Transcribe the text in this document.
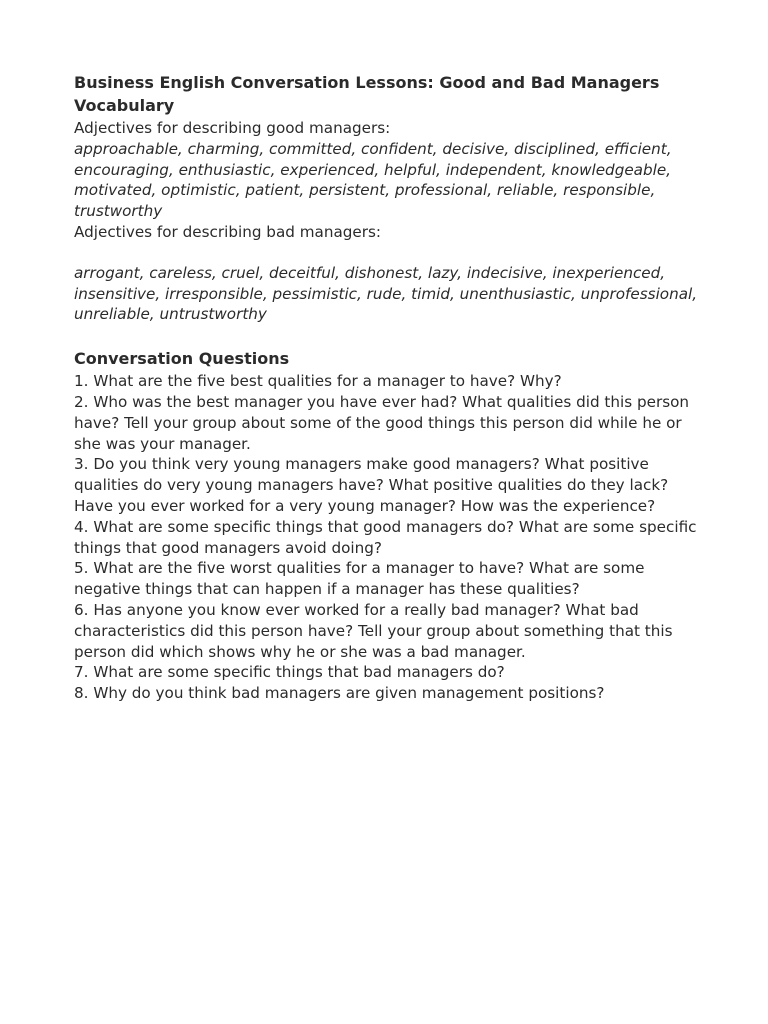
Business English Conversation Lessons: Good and Bad Managers

Vocabulary

Adjectives for describing good managers:

approachable, charming, committed, confident, decisive, disciplined, efficient, encouraging, enthusiastic, experienced, helpful, independent, knowledgeable, motivated, optimistic, patient, persistent, professional, reliable, responsible, trustworthy

Adjectives for describing bad managers:

arrogant, careless, cruel, deceitful, dishonest, lazy, indecisive, inexperienced, insensitive, irresponsible, pessimistic, rude, timid, unenthusiastic, unprofessional, unreliable, untrustworthy

Conversation Questions

1. What are the five best qualities for a manager to have? Why?
2. Who was the best manager you have ever had? What qualities did this person have? Tell your group about some of the good things this person did while he or she was your manager.
3. Do you think very young managers make good managers? What positive qualities do very young managers have? What positive qualities do they lack? Have you ever worked for a very young manager? How was the experience?
4. What are some specific things that good managers do? What are some specific things that good managers avoid doing?
5. What are the five worst qualities for a manager to have? What are some negative things that can happen if a manager has these qualities?
6. Has anyone you know ever worked for a really bad manager? What bad characteristics did this person have? Tell your group about something that this person did which shows why he or she was a bad manager.
7. What are some specific things that bad managers do?
8. Why do you think bad managers are given management positions?
